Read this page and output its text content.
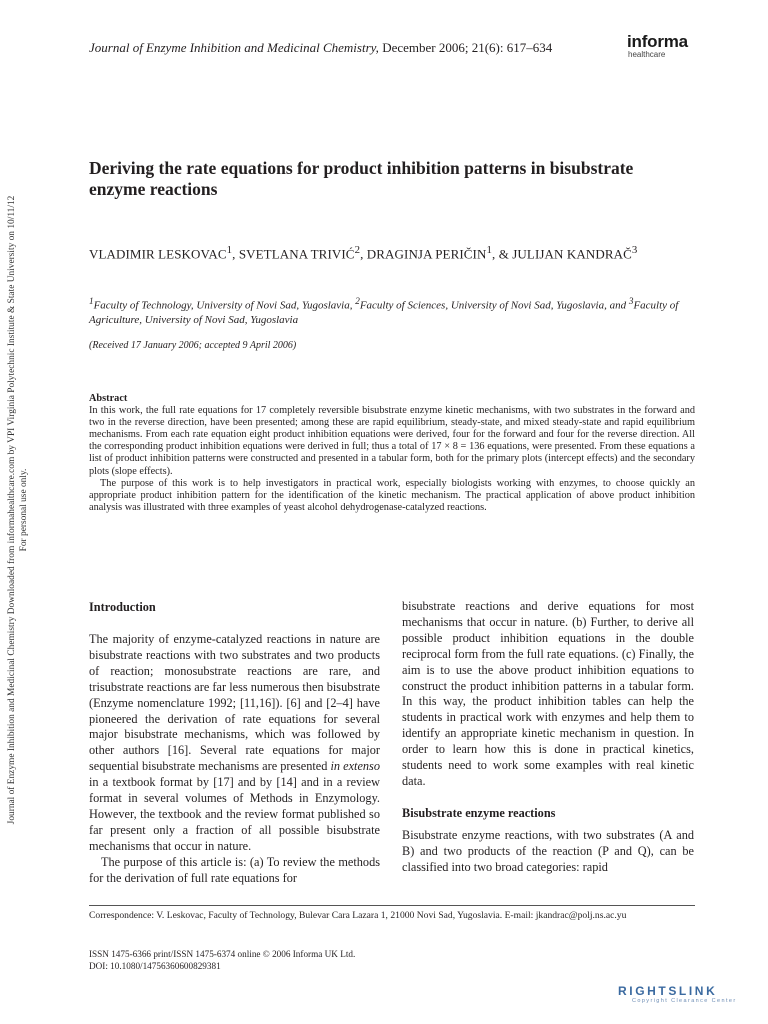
Journal of Enzyme Inhibition and Medicinal Chemistry, December 2006; 21(6): 617–634	informa
healthcare
Journal of Enzyme Inhibition and Medicinal Chemistry Downloaded from informahealthcare.com by VPI Virginia Polytechnic Institute & State University on 10/11/12 For personal use only.
Deriving the rate equations for product inhibition patterns in bisubstrate enzyme reactions
VLADIMIR LESKOVAC$^1$, SVETLANA TRIVIĆ$^2$, DRAGINJA PERIČIN$^1$, & JULIJAN KANDRAČ$^3$
$^1$Faculty of Technology, University of Novi Sad, Yugoslavia, $^2$Faculty of Sciences, University of Novi Sad, Yugoslavia, and $^3$Faculty of Agriculture, University of Novi Sad, Yugoslavia
(Received 17 January 2006; accepted 9 April 2006)
Abstract

In this work, the full rate equations for 17 completely reversible bisubstrate enzyme kinetic mechanisms, with two substrates in the forward and two in the reverse direction, have been presented; among these are rapid equilibrium, steady-state, and mixed steady-state and rapid equilibrium mechanisms. From each rate equation eight product inhibition equations were derived, four for the forward and four for the reverse direction. All the corresponding product inhibition equations were derived in full; thus a total of 17 × 8 = 136 equations, were presented. From these equations a list of product inhibition patterns were constructed and presented in a tabular form, both for the primary plots (intercept effects) and the secondary plots (slope effects).

The purpose of this work is to help investigators in practical work, especially biologists working with enzymes, to choose quickly an appropriate product inhibition pattern for the identification of the kinetic mechanism. The practical application of above product inhibition analysis was illustrated with three examples of yeast alcohol dehydrogenase-catalyzed reactions.

Introduction

The majority of enzyme-catalyzed reactions in nature are bisubstrate reactions with two substrates and two products of reaction; monosubstrate reactions are rare, and trisubstrate reactions are far less numerous then bisubstrate (Enzyme nomenclature 1992; [11,16]). [6] and [2–4] have pioneered the derivation of rate equations for several major bisubstrate mechanisms, which was followed by other authors [16]. Several rate equations for major sequential bisubstrate mechanisms are presented in extenso in a textbook format by [17] and by [14] and in a review format in several volumes of Methods in Enzymology. However, the textbook and the review format published so far present only a fraction of all possible bisubstrate mechanisms that occur in nature.

The purpose of this article is: (a) To review the methods for the derivation of full rate equations for

bisubstrate reactions and derive equations for most mechanisms that occur in nature. (b) Further, to derive all possible product inhibition equations in the double reciprocal form from the full rate equations. (c) Finally, the aim is to use the above product inhibition equations to construct the product inhibition patterns in a tabular form. In this way, the product inhibition tables can help the students in practical work with enzymes and help them to identify an appropriate kinetic mechanism in question. In order to learn how this is done in practical kinetics, students need to work some examples with real kinetic data.

Bisubstrate enzyme reactions

Bisubstrate enzyme reactions, with two substrates (A and B) and two products of the reaction (P and Q), can be classified into two broad categories: rapid

Correspondence: V. Leskovac, Faculty of Technology, Bulevar Cara Lazara 1, 21000 Novi Sad, Yugoslavia. E-mail: jkandrac@polj.ns.ac.yu
ISSN 1475-6366 print/ISSN 1475-6374 online © 2006 Informa UK Ltd.
DOI: 10.1080/14756360600829381
RIGHTSLINK
Copyright Clearance Center
